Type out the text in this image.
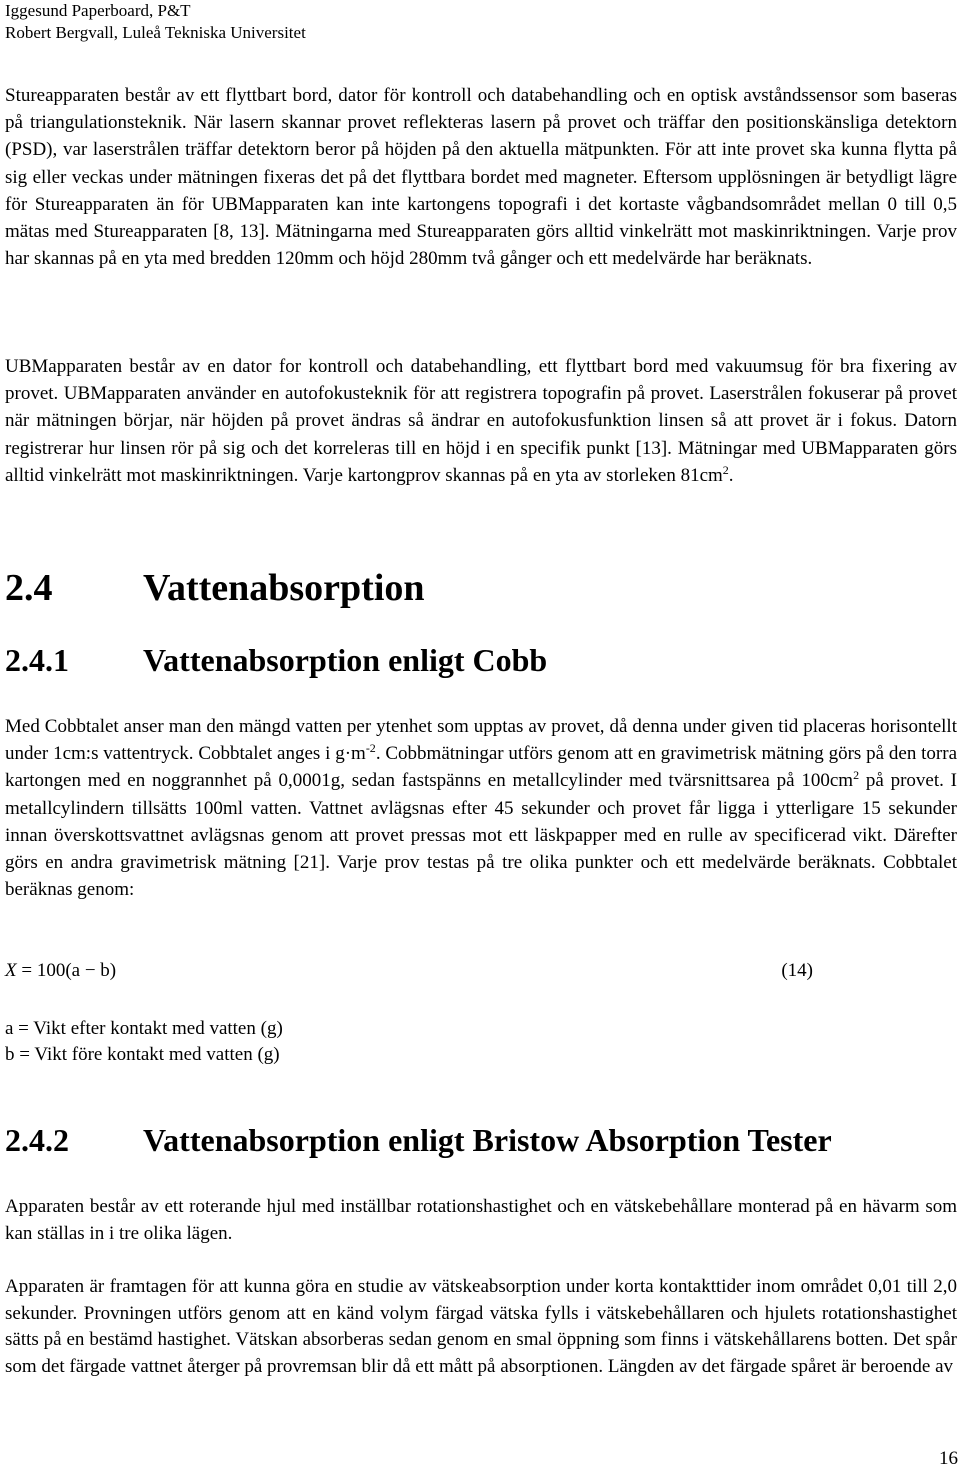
Iggesund Paperboard, P&T
Robert Bergvall, Luleå Tekniska Universitet

Stureapparaten består av ett flyttbart bord, dator för kontroll och databehandling och en optisk avståndssensor som baseras på triangulationsteknik. När lasern skannar provet reflekteras lasern på provet och träffar den positionskänsliga detektorn (PSD), var laserstrålen träffar detektorn beror på höjden på den aktuella mätpunkten. För att inte provet ska kunna flytta på sig eller veckas under mätningen fixeras det på det flyttbara bordet med magneter. Eftersom upplösningen är betydligt lägre för Stureapparaten än för UBMapparaten kan inte kartongens topografi i det kortaste vågbandsområdet mellan 0 till 0,5 mätas med Stureapparaten [8, 13]. Mätningarna med Stureapparaten görs alltid vinkelrätt mot maskinriktningen. Varje prov har skannas på en yta med bredden 120mm och höjd 280mm två gånger och ett medelvärde har beräknats.

UBMapparaten består av en dator for kontroll och databehandling, ett flyttbart bord med vakuumsug för bra fixering av provet. UBMapparaten använder en autofokusteknik för att registrera topografin på provet. Laserstrålen fokuserar på provet när mätningen börjar, när höjden på provet ändras så ändrar en autofokusfunktion linsen så att provet är i fokus. Datorn registrerar hur linsen rör på sig och det korreleras till en höjd i en specifik punkt [13]. Mätningar med UBMapparaten görs alltid vinkelrätt mot maskinriktningen. Varje kartongprov skannas på en yta av storleken $81cm^2$.

2.4 Vattenabsorption
2.4.1 Vattenabsorption enligt Cobb

Med Cobbtalet anser man den mängd vatten per ytenhet som upptas av provet, då denna under given tid placeras horisontellt under 1cm:s vattentryck. Cobbtalet anges i $g\cdot m^{-2}$. Cobbmätningar utförs genom att en gravimetrisk mätning görs på den torra kartongen med en noggrannhet på 0,0001g, sedan fastspänns en metallcylinder med tvärsnittsarea på $100cm^2$ på provet. I metallcylindern tillsätts 100ml vatten. Vattnet avlägsnas efter 45 sekunder och provet får ligga i ytterligare 15 sekunder innan överskottsvattnet avlägsnas genom att provet pressas mot ett läskpapper med en rulle av specificerad vikt. Därefter görs en andra gravimetrisk mätning [21]. Varje prov testas på tre olika punkter och ett medelvärde beräknats. Cobbtalet beräknas genom:

X = 100(a − b)	(14)
a = Vikt efter kontakt med vatten (g)
b = Vikt före kontakt med vatten (g)
2.4.2 Vattenabsorption enligt Bristow Absorption Tester

Apparaten består av ett roterande hjul med inställbar rotationshastighet och en vätskebehållare monterad på en hävarm som kan ställas in i tre olika lägen.

Apparaten är framtagen för att kunna göra en studie av vätskeabsorption under korta kontakttider inom området 0,01 till 2,0 sekunder. Provningen utförs genom att en känd volym färgad vätska fylls i vätskebehållaren och hjulets rotationshastighet sätts på en bestämd hastighet. Vätskan absorberas sedan genom en smal öppning som finns i vätskehållarens botten. Det spår som det färgade vattnet återger på provremsan blir då ett mått på absorptionen. Längden av det färgade spåret är beroende av

16
